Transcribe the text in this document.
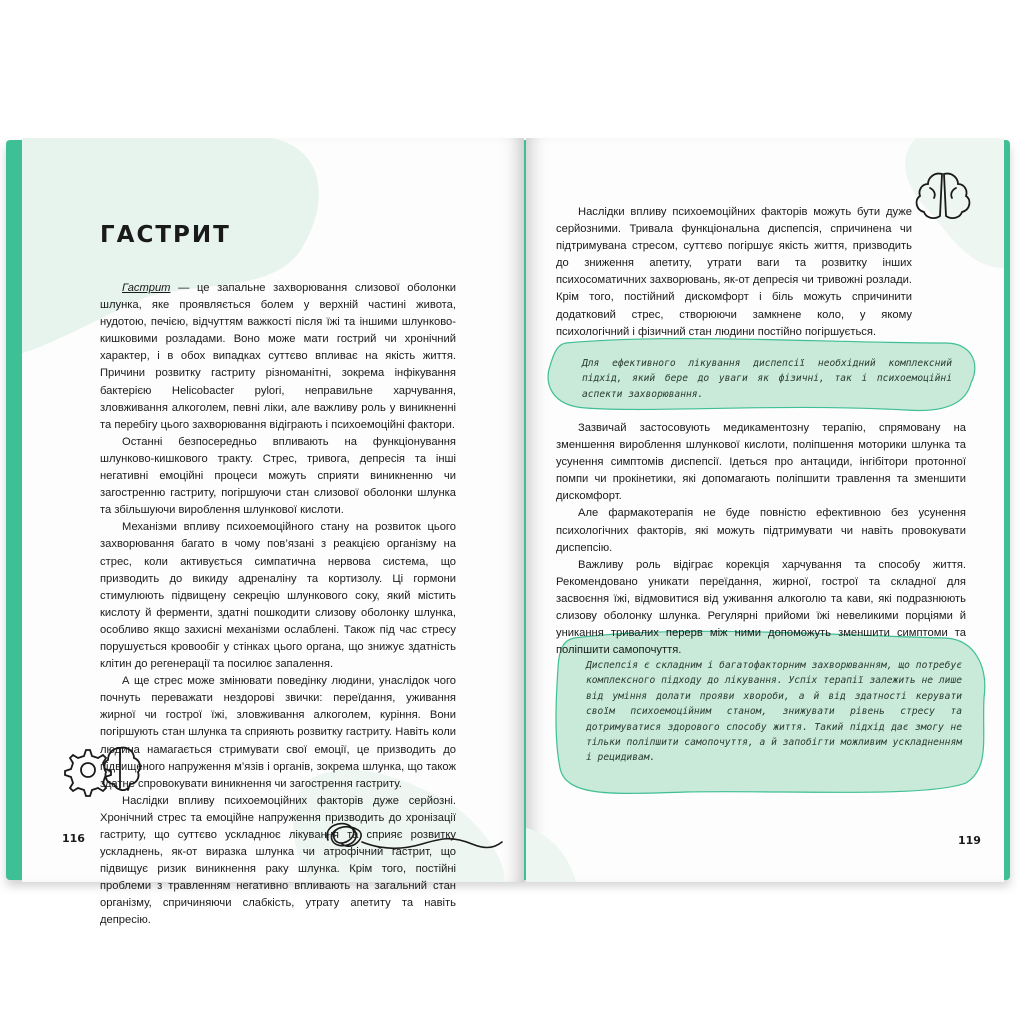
ГАСТРИТ

Гастрит — це запальне захворювання слизової оболонки шлунка, яке проявляється болем у верхній частині живота, нудотою, печією, відчуттям важкості після їжі та іншими шлунково-кишковими розладами. Воно може мати гострий чи хронічний характер, і в обох випадках суттєво впливає на якість життя. Причини розвитку гастриту різноманітні, зокрема інфікування бактерією Helicobacter pylori, неправильне харчування, зловживання алкоголем, певні ліки, але важливу роль у виникненні та перебігу цього захворювання відіграють і психоемоційні фактори.

Останні безпосередньо впливають на функціонування шлунково-кишкового тракту. Стрес, тривога, депресія та інші негативні емоційні процеси можуть сприяти виникненню чи загостренню гастриту, погіршуючи стан слизової оболонки шлунка та збільшуючи вироблення шлункової кислоти.

Механізми впливу психоемоційного стану на розвиток цього захворювання багато в чому пов’язані з реакцією організму на стрес, коли активується симпатична нервова система, що призводить до викиду адреналіну та кортизолу. Ці гормони стимулюють підвищену секрецію шлункового соку, який містить кислоту й ферменти, здатні пошкодити слизову оболонку шлунка, особливо якщо захисні механізми ослаблені. Також під час стресу порушується кровообіг у стінках цього органа, що знижує здатність клітин до регенерації та посилює запалення.

А ще стрес може змінювати поведінку людини, унаслідок чого почнуть переважати нездорові звички: переїдання, уживання жирної чи гострої їжі, зловживання алкоголем, куріння. Вони погіршують стан шлунка та сприяють розвитку гастриту. Навіть коли людина намагається стримувати свої емоції, це призводить до підвищеного напруження м’язів і органів, зокрема шлунка, що також здатне спровокувати виникнення чи загострення гастриту.

Наслідки впливу психоемоційних факторів дуже серйозні. Хронічний стрес та емоційне напруження призводить до хронізації гастриту, що суттєво ускладнює лікування та сприяє розвитку ускладнень, як-от виразка шлунка чи атрофічний гастрит, що підвищує ризик виникнення раку шлунка. Крім того, постійні проблеми з травленням негативно впливають на загальний стан організму, спричиняючи слабкість, утрату апетиту та навіть депресію.

116

Наслідки впливу психоемоційних факторів можуть бути дуже серйозними. Тривала функціональна диспепсія, спричинена чи підтримувана стресом, суттєво погіршує якість життя, призводить до зниження апетиту, утрати ваги та розвитку інших психосоматичних захворювань, як-от депресія чи тривожні розлади. Крім того, постійний дискомфорт і біль можуть спричинити додатковий стрес, створюючи замкнене коло, у якому психологічний і фізичний стан людини постійно погіршується.

Для ефективного лікування диспепсії необхідний комплексний підхід, який бере до уваги як фізичні, так і психоемоційні аспекти захворювання.

Зазвичай застосовують медикаментозну терапію, спрямовану на зменшення вироблення шлункової кислоти, поліпшення моторики шлунка та усунення симптомів диспепсії. Ідеться про антациди, інгібітори протонної помпи чи прокінетики, які допомагають поліпшити травлення та зменшити дискомфорт.

Але фармакотерапія не буде повністю ефективною без усунення психологічних факторів, які можуть підтримувати чи навіть провокувати диспепсію.

Важливу роль відіграє корекція харчування та способу життя. Рекомендовано уникати переїдання, жирної, гострої та складної для засвоєння їжі, відмовитися від уживання алкоголю та кави, які подразнюють слизову оболонку шлунка. Регулярні прийоми їжі невеликими порціями й уникання тривалих перерв між ними допоможуть зменшити симптоми та поліпшити самопочуття.

Диспепсія є складним і багатофакторним захворюванням, що потребує комплексного підходу до лікування. Успіх терапії залежить не лише від уміння долати прояви хвороби, а й від здатності керувати своїм психоемоційним станом, знижувати рівень стресу та дотримуватися здорового способу життя. Такий підхід дає змогу не тільки поліпшити самопочуття, а й запобігти можливим ускладненням і рецидивам.
119
